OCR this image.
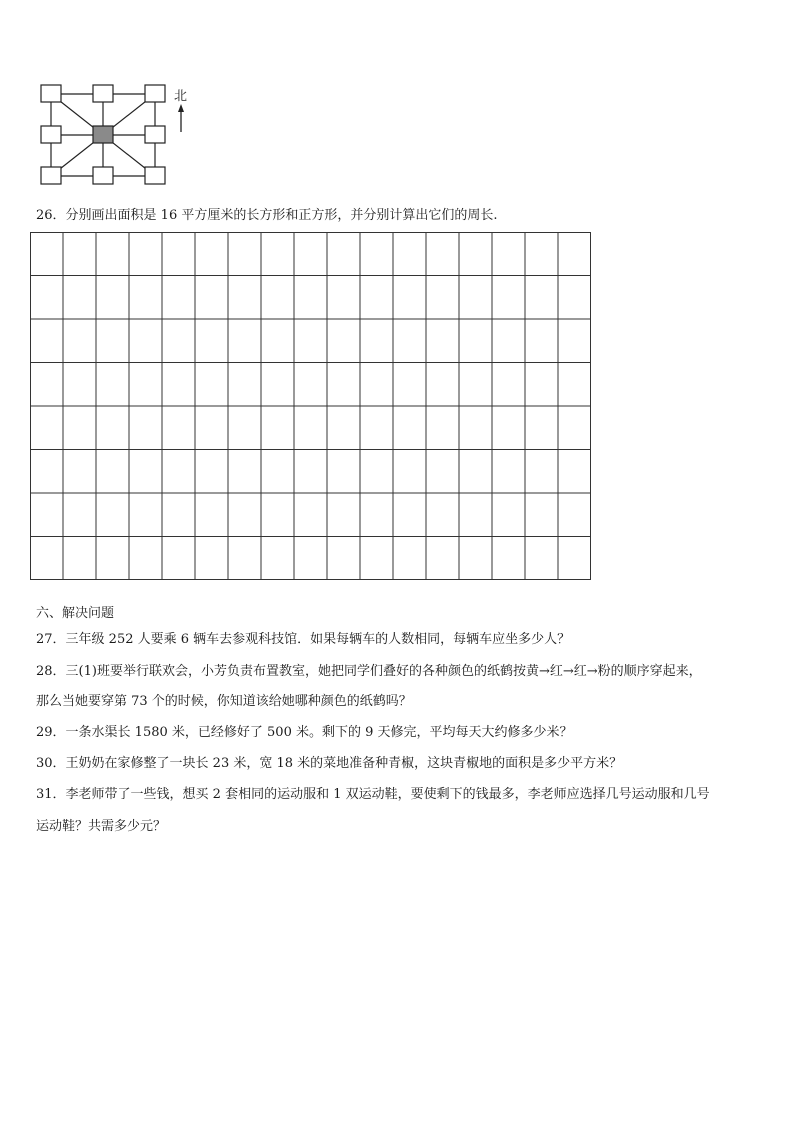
北
26．分别画出面积是 16 平方厘米的长方形和正方形，并分别计算出它们的周长.
六、解决问题
27．三年级 252 人要乘 6 辆车去参观科技馆．如果每辆车的人数相同，每辆车应坐多少人？
28．三(1)班要举行联欢会，小芳负责布置教室，她把同学们叠好的各种颜色的纸鹤按黄→红→红→粉的顺序穿起来，
那么当她要穿第 73 个的时候，你知道该给她哪种颜色的纸鹤吗？
29．一条水渠长 1580 米，已经修好了 500 米。剩下的 9 天修完，平均每天大约修多少米？
30．王奶奶在家修整了一块长 23 米，宽 18 米的菜地准备种青椒，这块青椒地的面积是多少平方米？
31．李老师带了一些钱，想买 2 套相同的运动服和 1 双运动鞋，要使剩下的钱最多，李老师应选择几号运动服和几号
运动鞋？共需多少元？
